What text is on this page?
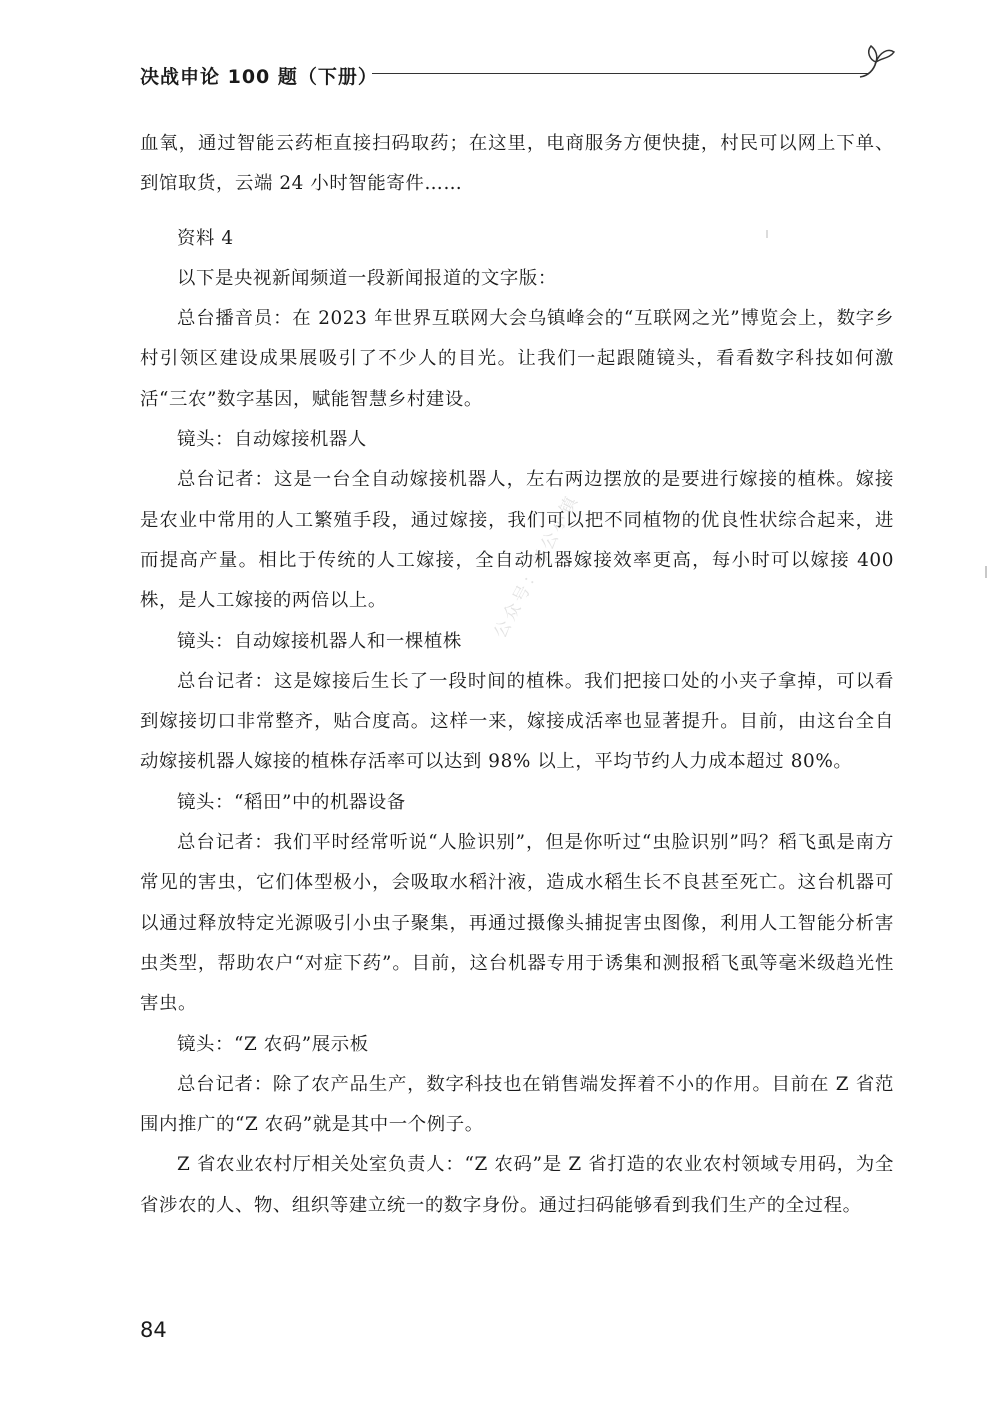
决战申论 100 题（下册）

血氧，通过智能云药柜直接扫码取药；在这里，电商服务方便快捷，村民可以网上下单、到馆取货，云端 24 小时智能寄件……

资料 4

以下是央视新闻频道一段新闻报道的文字版：

总台播音员：在 2023 年世界互联网大会乌镇峰会的“互联网之光”博览会上，数字乡村引领区建设成果展吸引了不少人的目光。让我们一起跟随镜头，看看数字科技如何激活“三农”数字基因，赋能智慧乡村建设。

镜头：自动嫁接机器人

总台记者：这是一台全自动嫁接机器人，左右两边摆放的是要进行嫁接的植株。嫁接是农业中常用的人工繁殖手段，通过嫁接，我们可以把不同植物的优良性状综合起来，进而提高产量。相比于传统的人工嫁接，全自动机器嫁接效率更高，每小时可以嫁接 400 株，是人工嫁接的两倍以上。

镜头：自动嫁接机器人和一棵植株

总台记者：这是嫁接后生长了一段时间的植株。我们把接口处的小夹子拿掉，可以看到嫁接切口非常整齐，贴合度高。这样一来，嫁接成活率也显著提升。目前，由这台全自动嫁接机器人嫁接的植株存活率可以达到 98% 以上，平均节约人力成本超过 80%。

镜头：“稻田”中的机器设备

总台记者：我们平时经常听说“人脸识别”，但是你听过“虫脸识别”吗？稻飞虱是南方常见的害虫，它们体型极小，会吸取水稻汁液，造成水稻生长不良甚至死亡。这台机器可以通过释放特定光源吸引小虫子聚集，再通过摄像头捕捉害虫图像，利用人工智能分析害虫类型，帮助农户“对症下药”。目前，这台机器专用于诱集和测报稻飞虱等毫米级趋光性害虫。

镜头：“Z 农码”展示板

总台记者：除了农产品生产，数字科技也在销售端发挥着不小的作用。目前在 Z 省范围内推广的“Z 农码”就是其中一个例子。

Z 省农业农村厅相关处室负责人：“Z 农码”是 Z 省打造的农业农村领域专用码，为全省涉农的人、物、组织等建立统一的数字身份。通过扫码能够看到我们生产的全过程。

公众号：考公小镇
84
